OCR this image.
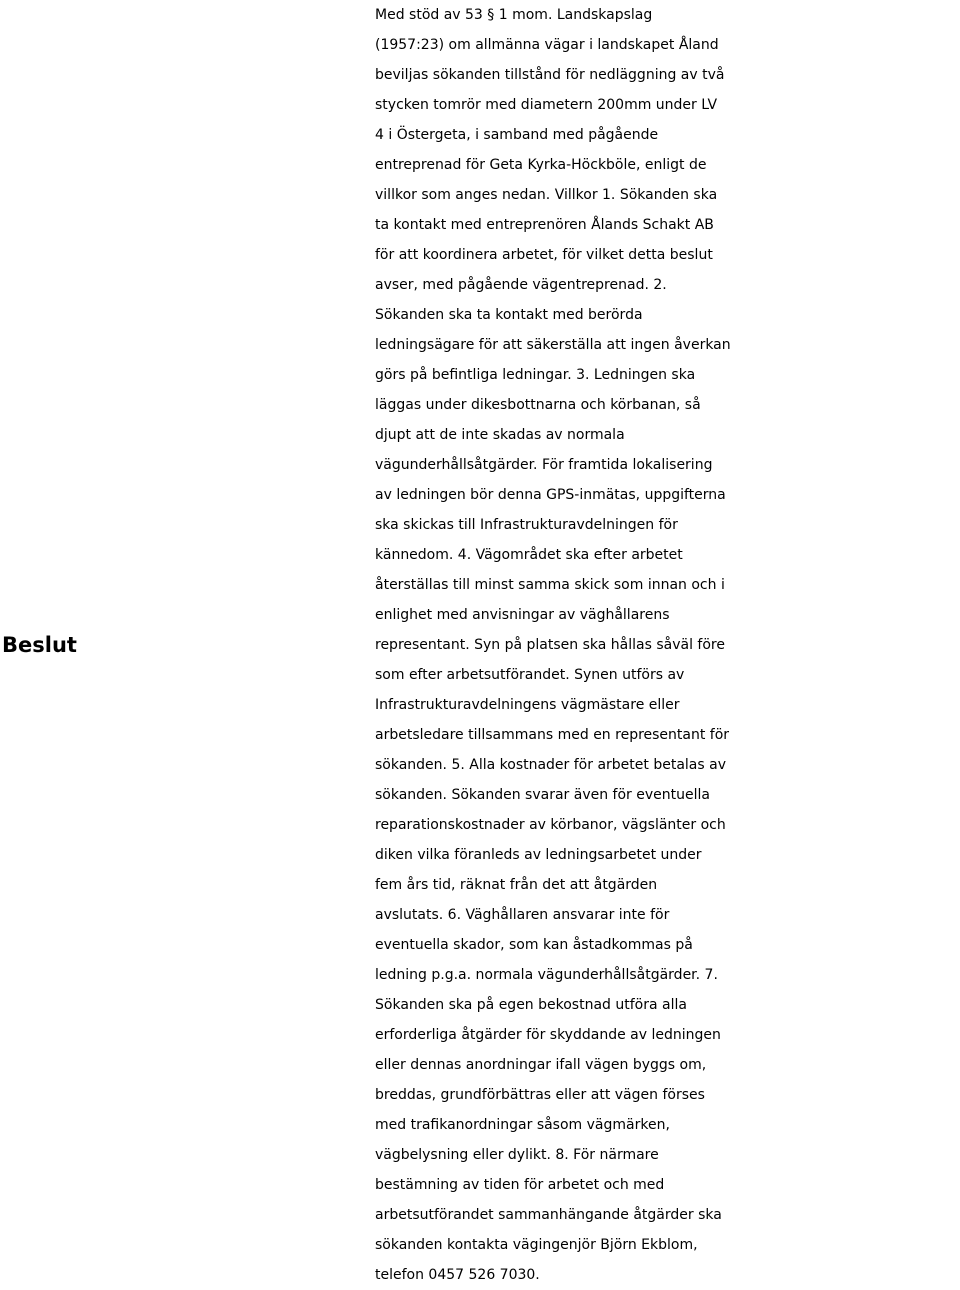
Beslut
Med stöd av 53 § 1 mom. Landskapslag
(1957:23) om allmänna vägar i landskapet Åland
beviljas sökanden tillstånd för nedläggning av två
stycken tomrör med diametern 200mm under LV
4 i Östergeta, i samband med pågående
entreprenad för Geta Kyrka-Höckböle, enligt de
villkor som anges nedan. Villkor 1. Sökanden ska
ta kontakt med entreprenören Ålands Schakt AB
för att koordinera arbetet, för vilket detta beslut
avser, med pågående vägentreprenad. 2.
Sökanden ska ta kontakt med berörda
ledningsägare för att säkerställa att ingen åverkan
görs på befintliga ledningar. 3. Ledningen ska
läggas under dikesbottnarna och körbanan, så
djupt att de inte skadas av normala
vägunderhållsåtgärder. För framtida lokalisering
av ledningen bör denna GPS-inmätas, uppgifterna
ska skickas till Infrastrukturavdelningen för
kännedom. 4. Vägområdet ska efter arbetet
återställas till minst samma skick som innan och i
enlighet med anvisningar av väghållarens
representant. Syn på platsen ska hållas såväl före
som efter arbetsutförandet. Synen utförs av
Infrastrukturavdelningens vägmästare eller
arbetsledare tillsammans med en representant för
sökanden. 5. Alla kostnader för arbetet betalas av
sökanden. Sökanden svarar även för eventuella
reparationskostnader av körbanor, vägslänter och
diken vilka föranleds av ledningsarbetet under
fem års tid, räknat från det att åtgärden
avslutats. 6. Väghållaren ansvarar inte för
eventuella skador, som kan åstadkommas på
ledning p.g.a. normala vägunderhållsåtgärder. 7.
Sökanden ska på egen bekostnad utföra alla
erforderliga åtgärder för skyddande av ledningen
eller dennas anordningar ifall vägen byggs om,
breddas, grundförbättras eller att vägen förses
med trafikanordningar såsom vägmärken,
vägbelysning eller dylikt. 8. För närmare
bestämning av tiden för arbetet och med
arbetsutförandet sammanhängande åtgärder ska
sökanden kontakta vägingenjör Björn Ekblom,
telefon 0457 526 7030.
